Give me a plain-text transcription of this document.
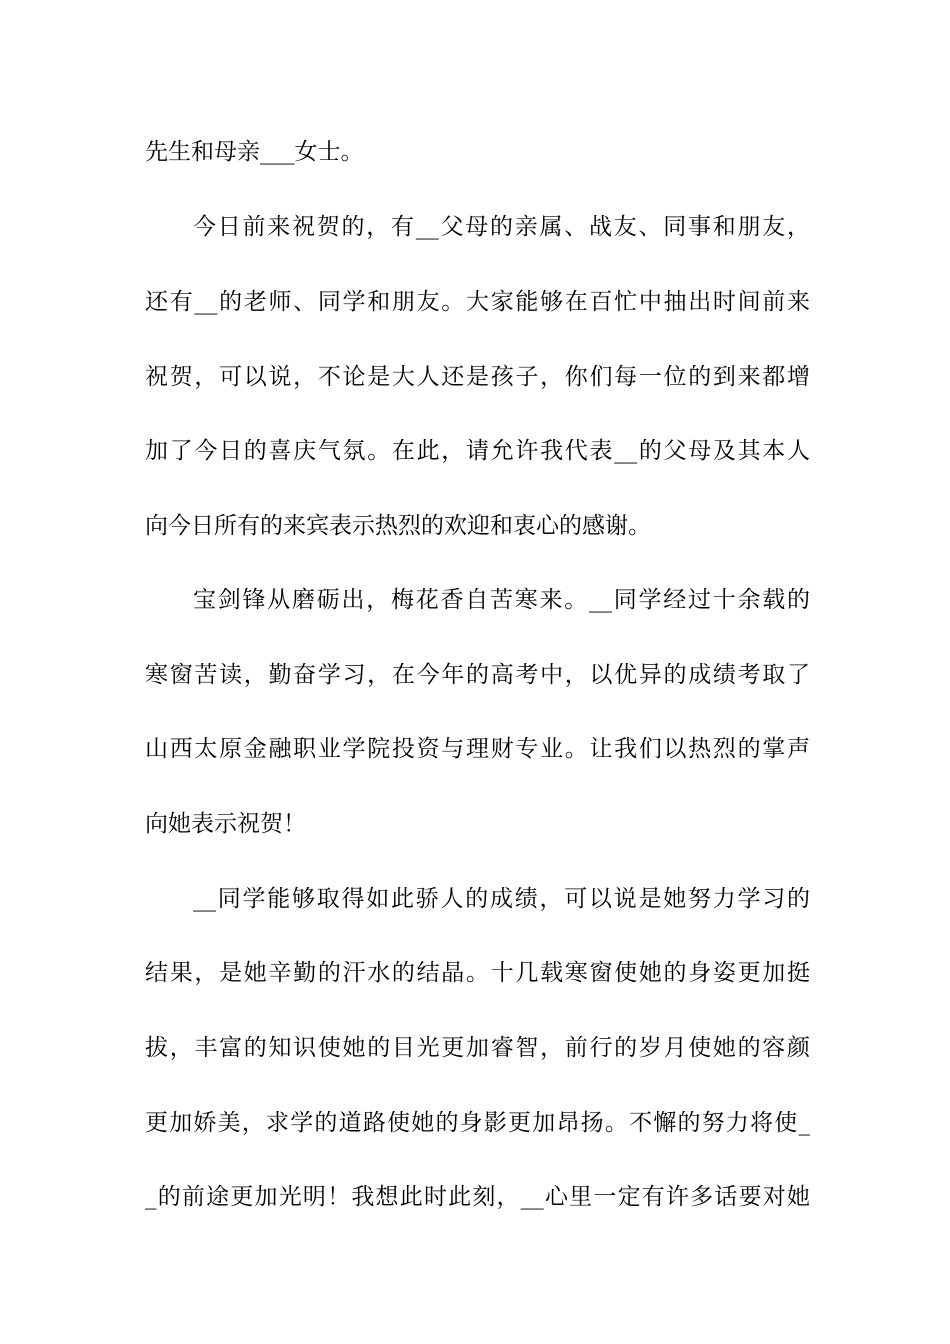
先生和母亲___女士。
今日前来祝贺的，有__父母的亲属、战友、同事和朋友，
还有__的老师、同学和朋友。大家能够在百忙中抽出时间前来
祝贺，可以说，不论是大人还是孩子，你们每一位的到来都增
加了今日的喜庆气氛。在此，请允许我代表__的父母及其本人
向今日所有的来宾表示热烈的欢迎和衷心的感谢。
宝剑锋从磨砺出，梅花香自苦寒来。__同学经过十余载的
寒窗苦读，勤奋学习，在今年的高考中，以优异的成绩考取了
山西太原金融职业学院投资与理财专业。让我们以热烈的掌声
向她表示祝贺！
__同学能够取得如此骄人的成绩，可以说是她努力学习的
结果，是她辛勤的汗水的结晶。十几载寒窗使她的身姿更加挺
拔，丰富的知识使她的目光更加睿智，前行的岁月使她的容颜
更加娇美，求学的道路使她的身影更加昂扬。不懈的努力将使_
_的前途更加光明！我想此时此刻，__心里一定有许多话要对她
